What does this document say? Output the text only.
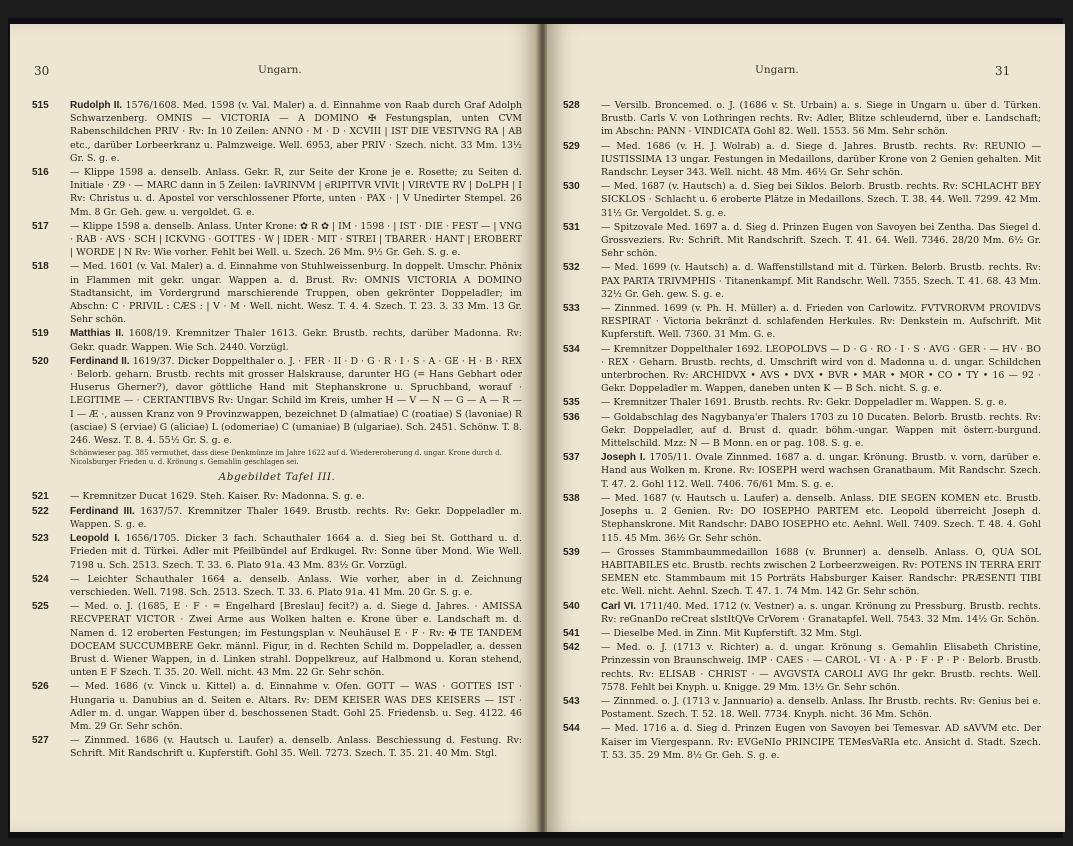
30	Ungarn.
515	Rudolph II. 1576/1608. Med. 1598 (v. Val. Maler) a. d. Einnahme von Raab durch Graf Adolph Schwarzenberg. OMNIS — VICTORIA — A DOMINO ✠ Festungsplan, unten CVM Rabenschildchen PRIV · Rv: In 10 Zeilen: ANNO · M · D · XCVIII | IST DIE VESTVNG RA | AB etc., darüber Lorbeerkranz u. Palmzweige. Well. 6953, aber PRIV · Szech. nicht. 33 Mm. 13½ Gr. S. g. e.
516	— Klippe 1598 a. denselb. Anlass. Gekr. R, zur Seite der Krone je e. Rosette; zu Seiten d. Initiale · Z9 · — MARC dann in 5 Zeilen: IaVRINVM | eRIPITVR VIVIt | VIRtVTE RV | DoLPH | I Rv: Christus u. d. Apostel vor verschlossener Pforte, unten · PAX · | V Unedirter Stempel. 26 Mm. 8 Gr. Geh. gew. u. vergoldet. G. e.
517	— Klippe 1598 a. denselb. Anlass. Unter Krone: ✿ R ✿ | IM · 1598 · | IST · DIE · FEST — | VNG · RAB · AVS · SCH | ICKVNG · GOTTES · W | IDER · MIT · STREI | TBARER · HANT | EROBERT | WORDE | N Rv: Wie vorher. Fehlt bei Well. u. Szech. 26 Mm. 9½ Gr. Geh. S. g. e.
518	— Med. 1601 (v. Val. Maler) a. d. Einnahme von Stuhlweissenburg. In doppelt. Umschr. Phönix in Flammen mit gekr. ungar. Wappen a. d. Brust. Rv: OMNIS VICTORIA A DOMINO Stadtansicht, im Vordergrund marschierende Truppen, oben gekrönter Doppeladler; im Abschn: C · PRIVIL : CÆS : | V · M · Well. nicht. Wesz. T. 4. 4. Szech. T. 23. 3. 33 Mm. 13 Gr. Sehr schön.
519	Matthias II. 1608/19. Kremnitzer Thaler 1613. Gekr. Brustb. rechts, darüber Madonna. Rv: Gekr. quadr. Wappen. Wie Sch. 2440. Vorzügl.
520	Ferdinand II. 1619/37. Dicker Doppelthaler o. J. · FER · II · D · G · R · I · S · A · GE · H · B · REX · Belorb. geharn. Brustb. rechts mit grosser Halskrause, darunter HG (= Hans Gebhart oder Huserus Gherner?), davor göttliche Hand mit Stephanskrone u. Spruchband, worauf · LEGITIME — · CERTANTIBVS Rv: Ungar. Schild im Kreis, umher H — V — N — G — A — R — I — Æ ·, aussen Kranz von 9 Provinzwappen, bezeichnet D (almatiae) C (roatiae) S (lavoniae) R (asciae) S (erviae) G (aliciae) L (odomeriae) C (umaniae) B (ulgariae). Sch. 2451. Schönw. T. 8. 246. Wesz. T. 8. 4. 55½ Gr. S. g. e.
Schönwieser pag. 385 vermuthet, dass diese Denkmünze im Jahre 1622 auf d. Wiedereroberung d. ungar. Krone durch d. Nicolsburger Frieden u. d. Krönung s. Gemahlin geschlagen sei.
Abgebildet Tafel III.
521	— Kremnitzer Ducat 1629. Steh. Kaiser. Rv: Madonna. S. g. e.
522	Ferdinand III. 1637/57. Kremnitzer Thaler 1649. Brustb. rechts. Rv: Gekr. Doppeladler m. Wappen. S. g. e.
523	Leopold I. 1656/1705. Dicker 3 fach. Schauthaler 1664 a. d. Sieg bei St. Gotthard u. d. Frieden mit d. Türkei. Adler mit Pfeilbündel auf Erdkugel. Rv: Sonne über Mond. Wie Well. 7198 u. Sch. 2513. Szech. T. 33. 6. Plato 91a. 43 Mm. 83½ Gr. Vorzügl.
524	— Leichter Schauthaler 1664 a. denselb. Anlass. Wie vorher, aber in d. Zeichnung verschieden. Well. 7198. Sch. 2513. Szech. T. 33. 6. Plato 91a. 41 Mm. 20 Gr. S. g. e.
525	— Med. o. J. (1685, E · F · = Engelhard [Breslau] fecit?) a. d. Siege d. Jahres. · AMISSA RECVPERAT VICTOR · Zwei Arme aus Wolken halten e. Krone über e. Landschaft m. d. Namen d. 12 eroberten Festungen; im Festungsplan v. Neuhäusel E · F · Rv: ✠ TE TANDEM DOCEAM SUCCUMBERE Gekr. männl. Figur, in d. Rechten Schild m. Doppeladler, a. dessen Brust d. Wiener Wappen, in d. Linken strahl. Doppelkreuz, auf Halbmond u. Koran stehend, unten E F Szech. T. 35. 20. Well. nicht. 43 Mm. 22 Gr. Sehr schön.
526	— Med. 1686 (v. Vinck u. Kittel) a. d. Einnahme v. Ofen. GOTT — WAS · GOTTES IST · Hungaria u. Danubius an d. Seiten e. Altars. Rv: DEM KEISER WAS DES KEISERS — IST · Adler m. d. ungar. Wappen über d. beschossenen Stadt. Gohl 25. Friedensb. u. Seg. 4122. 46 Mm. 29 Gr. Sehr schön.
527	— Zinnmed. 1686 (v. Hautsch u. Laufer) a. denselb. Anlass. Beschiessung d. Festung. Rv: Schrift. Mit Randschrift u. Kupferstift. Gohl 35. Well. 7273. Szech. T. 35. 21. 40 Mm. Stgl.
Ungarn.	31
528	— Versilb. Broncemed. o. J. (1686 v. St. Urbain) a. s. Siege in Ungarn u. über d. Türken. Brustb. Carls V. von Lothringen rechts. Rv: Adler, Blitze schleudernd, über e. Landschaft; im Abschn: PANN · VINDICATA Gohl 82. Well. 1553. 56 Mm. Sehr schön.
529	— Med. 1686 (v. H. J. Wolrab) a. d. Siege d. Jahres. Brustb. rechts. Rv: REUNIO — IUSTISSIMA 13 ungar. Festungen in Medaillons, darüber Krone von 2 Genien gehalten. Mit Randschr. Leyser 343. Well. nicht. 48 Mm. 46½ Gr. Sehr schön.
530	— Med. 1687 (v. Hautsch) a. d. Sieg bei Siklos. Belorb. Brustb. rechts. Rv: SCHLACHT BEY SICKLOS · Schlacht u. 6 eroberte Plätze in Medaillons. Szech. T. 38. 44. Well. 7299. 42 Mm. 31½ Gr. Vergoldet. S. g. e.
531	— Spitzovale Med. 1697 a. d. Sieg d. Prinzen Eugen von Savoyen bei Zentha. Das Siegel d. Grossveziers. Rv: Schrift. Mit Randschrift. Szech. T. 41. 64. Well. 7346. 28/20 Mm. 6½ Gr. Sehr schön.
532	— Med. 1699 (v. Hautsch) a. d. Waffenstillstand mit d. Türken. Belorb. Brustb. rechts. Rv: PAX PARTA TRIVMPHIS · Titanenkampf. Mit Randschr. Well. 7355. Szech. T. 41. 68. 43 Mm. 32½ Gr. Geh. gew. S. g. e.
533	— Zinnmed. 1699 (v. Ph. H. Müller) a. d. Frieden von Carlowitz. FVTVRORVM PROVIDVS RESPIRAT · Victoria bekränzt d. schlafenden Herkules. Rv: Denkstein m. Aufschrift. Mit Kupferstift. Well. 7360. 31 Mm. G. e.
534	— Kremnitzer Doppelthaler 1692. LEOPOLDVS — D · G · RO · I · S · AVG · GER · — HV · BO · REX · Geharn. Brustb. rechts, d. Umschrift wird von d. Madonna u. d. ungar. Schildchen unterbrochen. Rv: ARCHIDVX • AVS • DVX • BVR • MAR • MOR • CO • TY • 16 — 92 · Gekr. Doppeladler m. Wappen, daneben unten K — B Sch. nicht. S. g. e.
535	— Kremnitzer Thaler 1691. Brustb. rechts. Rv: Gekr. Doppeladler m. Wappen. S. g. e.
536	— Goldabschlag des Nagybanya'er Thalers 1703 zu 10 Ducaten. Belorb. Brustb. rechts. Rv: Gekr. Doppeladler, auf d. Brust d. quadr. böhm.-ungar. Wappen mit österr.-burgund. Mittelschild. Mzz: N — B Monn. en or pag. 108. S. g. e.
537	Joseph I. 1705/11. Ovale Zinnmed. 1687 a. d. ungar. Krönung. Brustb. v. vorn, darüber e. Hand aus Wolken m. Krone. Rv: IOSEPH werd wachsen Granatbaum. Mit Randschr. Szech. T. 47. 2. Gohl 112. Well. 7406. 76/61 Mm. S. g. e.
538	— Med. 1687 (v. Hautsch u. Laufer) a. denselb. Anlass. DIE SEGEN KOMEN etc. Brustb. Josephs u. 2 Genien. Rv: DO IOSEPHO PARTEM etc. Leopold überreicht Joseph d. Stephanskrone. Mit Randschr: DABO IOSEPHO etc. Aehnl. Well. 7409. Szech. T. 48. 4. Gohl 115. 45 Mm. 36½ Gr. Sehr schön.
539	— Grosses Stammbaummedaillon 1688 (v. Brunner) a. denselb. Anlass. O, QUA SOL HABITABILES etc. Brustb. rechts zwischen 2 Lorbeerzweigen. Rv: POTENS IN TERRA ERIT SEMEN etc. Stammbaum mit 15 Porträts Habsburger Kaiser. Randschr: PRÆSENTI TIBI etc. Well. nicht. Aehnl. Szech. T. 47. 1. 74 Mm. 142 Gr. Sehr schön.
540	Carl VI. 1711/40. Med. 1712 (v. Vestner) a. s. ungar. Krönung zu Pressburg. Brustb. rechts. Rv: reGnanDo reCreat sIstItQVe CrVorem · Granatapfel. Well. 7543. 32 Mm. 14½ Gr. Schön.
541	— Dieselbe Med. in Zinn. Mit Kupferstift. 32 Mm. Stgl.
542	— Med. o. J. (1713 v. Richter) a. d. ungar. Krönung s. Gemahlin Elisabeth Christine, Prinzessin von Braunschweig. IMP · CAES · — CAROL · VI · A · P · F · P · P · Belorb. Brustb. rechts. Rv: ELISAB · CHRIST · — AVGVSTA CAROLI AVG Ihr gekr. Brustb. rechts. Well. 7578. Fehlt bei Knyph. u. Knigge. 29 Mm. 13½ Gr. Sehr schön.
543	— Zinnmed. o. J. (1713 v. Jannuario) a. denselb. Anlass. Ihr Brustb. rechts. Rv: Genius bei e. Postament. Szech. T. 52. 18. Well. 7734. Knyph. nicht. 36 Mm. Schön.
544	— Med. 1716 a. d. Sieg d. Prinzen Eugen von Savoyen bei Temesvar. AD sAVVM etc. Der Kaiser im Viergespann. Rv: EVGeNIo PRINCIPE TEMesVaRIa etc. Ansicht d. Stadt. Szech. T. 53. 35. 29 Mm. 8½ Gr. Geh. S. g. e.
